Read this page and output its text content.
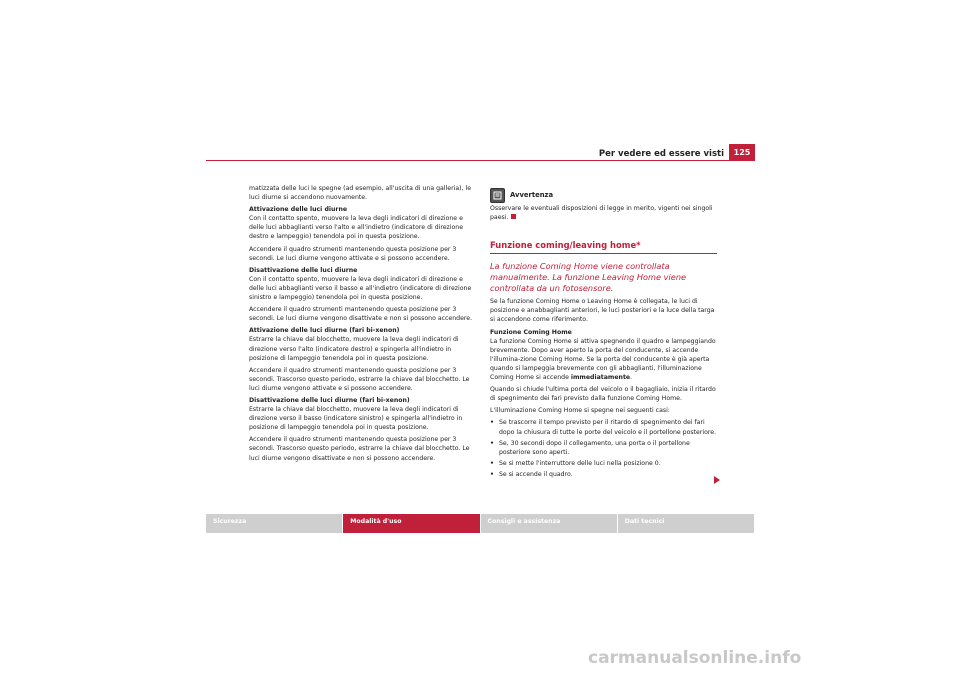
Per vedere ed essere visti	125

matizzata delle luci le spegne (ad esempio, all'uscita di una galleria), le luci diurne si accendono nuovamente.

Attivazione delle luci diurne

Con il contatto spento, muovere la leva degli indicatori di direzione e delle luci abbaglianti verso l'alto e all'indietro (indicatore di direzione destro e lampeggio) tenendola poi in questa posizione.

Accendere il quadro strumenti mantenendo questa posizione per 3 secondi. Le luci diurne vengono attivate e si possono accendere.

Disattivazione delle luci diurne

Con il contatto spento, muovere la leva degli indicatori di direzione e delle luci abbaglianti verso il basso e all'indietro (indicatore di direzione sinistro e lampeggio) tenendola poi in questa posizione.

Accendere il quadro strumenti mantenendo questa posizione per 3 secondi. Le luci diurne vengono disattivate e non si possono accendere.

Attivazione delle luci diurne (fari bi-xenon)

Estrarre la chiave dal blocchetto, muovere la leva degli indicatori di direzione verso l'alto (indicatore destro) e spingerla all'indietro in posizione di lampeggio tenendola poi in questa posizione.

Accendere il quadro strumenti mantenendo questa posizione per 3 secondi. Trascorso questo periodo, estrarre la chiave dal blocchetto. Le luci diurne vengono attivate e si possono accendere.

Disattivazione delle luci diurne (fari bi-xenon)

Estrarre la chiave dal blocchetto, muovere la leva degli indicatori di direzione verso il basso (indicatore sinistro) e spingerla all'indietro in posizione di lampeggio tenendola poi in questa posizione.

Accendere il quadro strumenti mantenendo questa posizione per 3 secondi. Trascorso questo periodo, estrarre la chiave dal blocchetto. Le luci diurne vengono disattivate e non si possono accendere.

Avvertenza

Osservare le eventuali disposizioni di legge in merito, vigenti nei singoli paesi.

Funzione coming/leaving home*

La funzione Coming Home viene controllata manualmente. La funzione Leaving Home viene controllata da un fotosensore.

Se la funzione Coming Home o Leaving Home è collegata, le luci di posizione e anabbaglianti anteriori, le luci posteriori e la luce della targa si accendono come riferimento.

Funzione Coming Home

La funzione Coming Home si attiva spegnendo il quadro e lampeggiando brevemente. Dopo aver aperto la porta del conducente, si accende l'illumina-zione Coming Home. Se la porta del conducente è già aperta quando si lampeggia brevemente con gli abbaglianti, l'illuminazione Coming Home si accende immediatamente.

Quando si chiude l'ultima porta del veicolo o il bagagliaio, inizia il ritardo di spegnimento dei fari previsto dalla funzione Coming Home.

L'illuminazione Coming Home si spegne nei seguenti casi:

• Se trascorre il tempo previsto per il ritardo di spegnimento dei fari dopo la chiusura di tutte le porte del veicolo e il portellone posteriore.
• Se, 30 secondi dopo il collegamento, una porta o il portellone posteriore sono aperti.
• Se si mette l'interruttore delle luci nella posizione 0.
• Se si accende il quadro.
Sicurezza	Modalità d'uso	Consigli e assistenza	Dati tecnici
carmanualsonline.info
